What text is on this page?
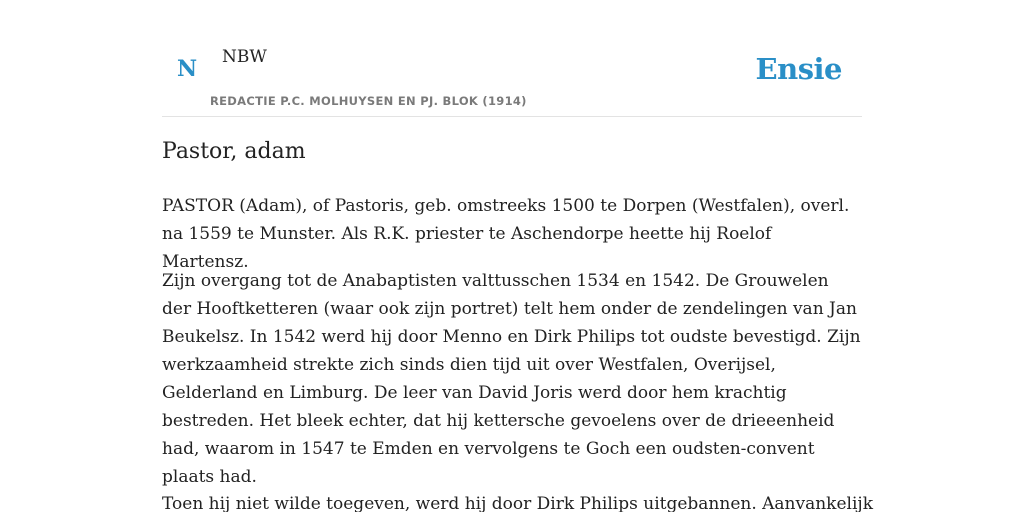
N NBW
REDACTIE P.C. MOLHUYSEN EN PJ. BLOK (1914)
Ensie
Pastor, adam

PASTOR (Adam), of Pastoris, geb. omstreeks 1500 te Dorpen (Westfalen), overl. na 1559 te Munster. Als R.K. priester te Aschendorpe heette hij Roelof Martensz.

Zijn overgang tot de Anabaptisten valttusschen 1534 en 1542. De Grouwelen der Hooftketteren (waar ook zijn portret) telt hem onder de zendelingen van Jan Beukelsz. In 1542 werd hij door Menno en Dirk Philips tot oudste bevestigd. Zijn werkzaamheid strekte zich sinds dien tijd uit over Westfalen, Overijsel, Gelderland en Limburg. De leer van David Joris werd door hem krachtig bestreden. Het bleek echter, dat hij kettersche gevoelens over de drieeenheid had, waarom in 1547 te Emden en vervolgens te Goch een oudsten-convent plaats had.

Toen hij niet wilde toegeven, werd hij door Dirk Philips uitgebannen. Aanvankelijk
